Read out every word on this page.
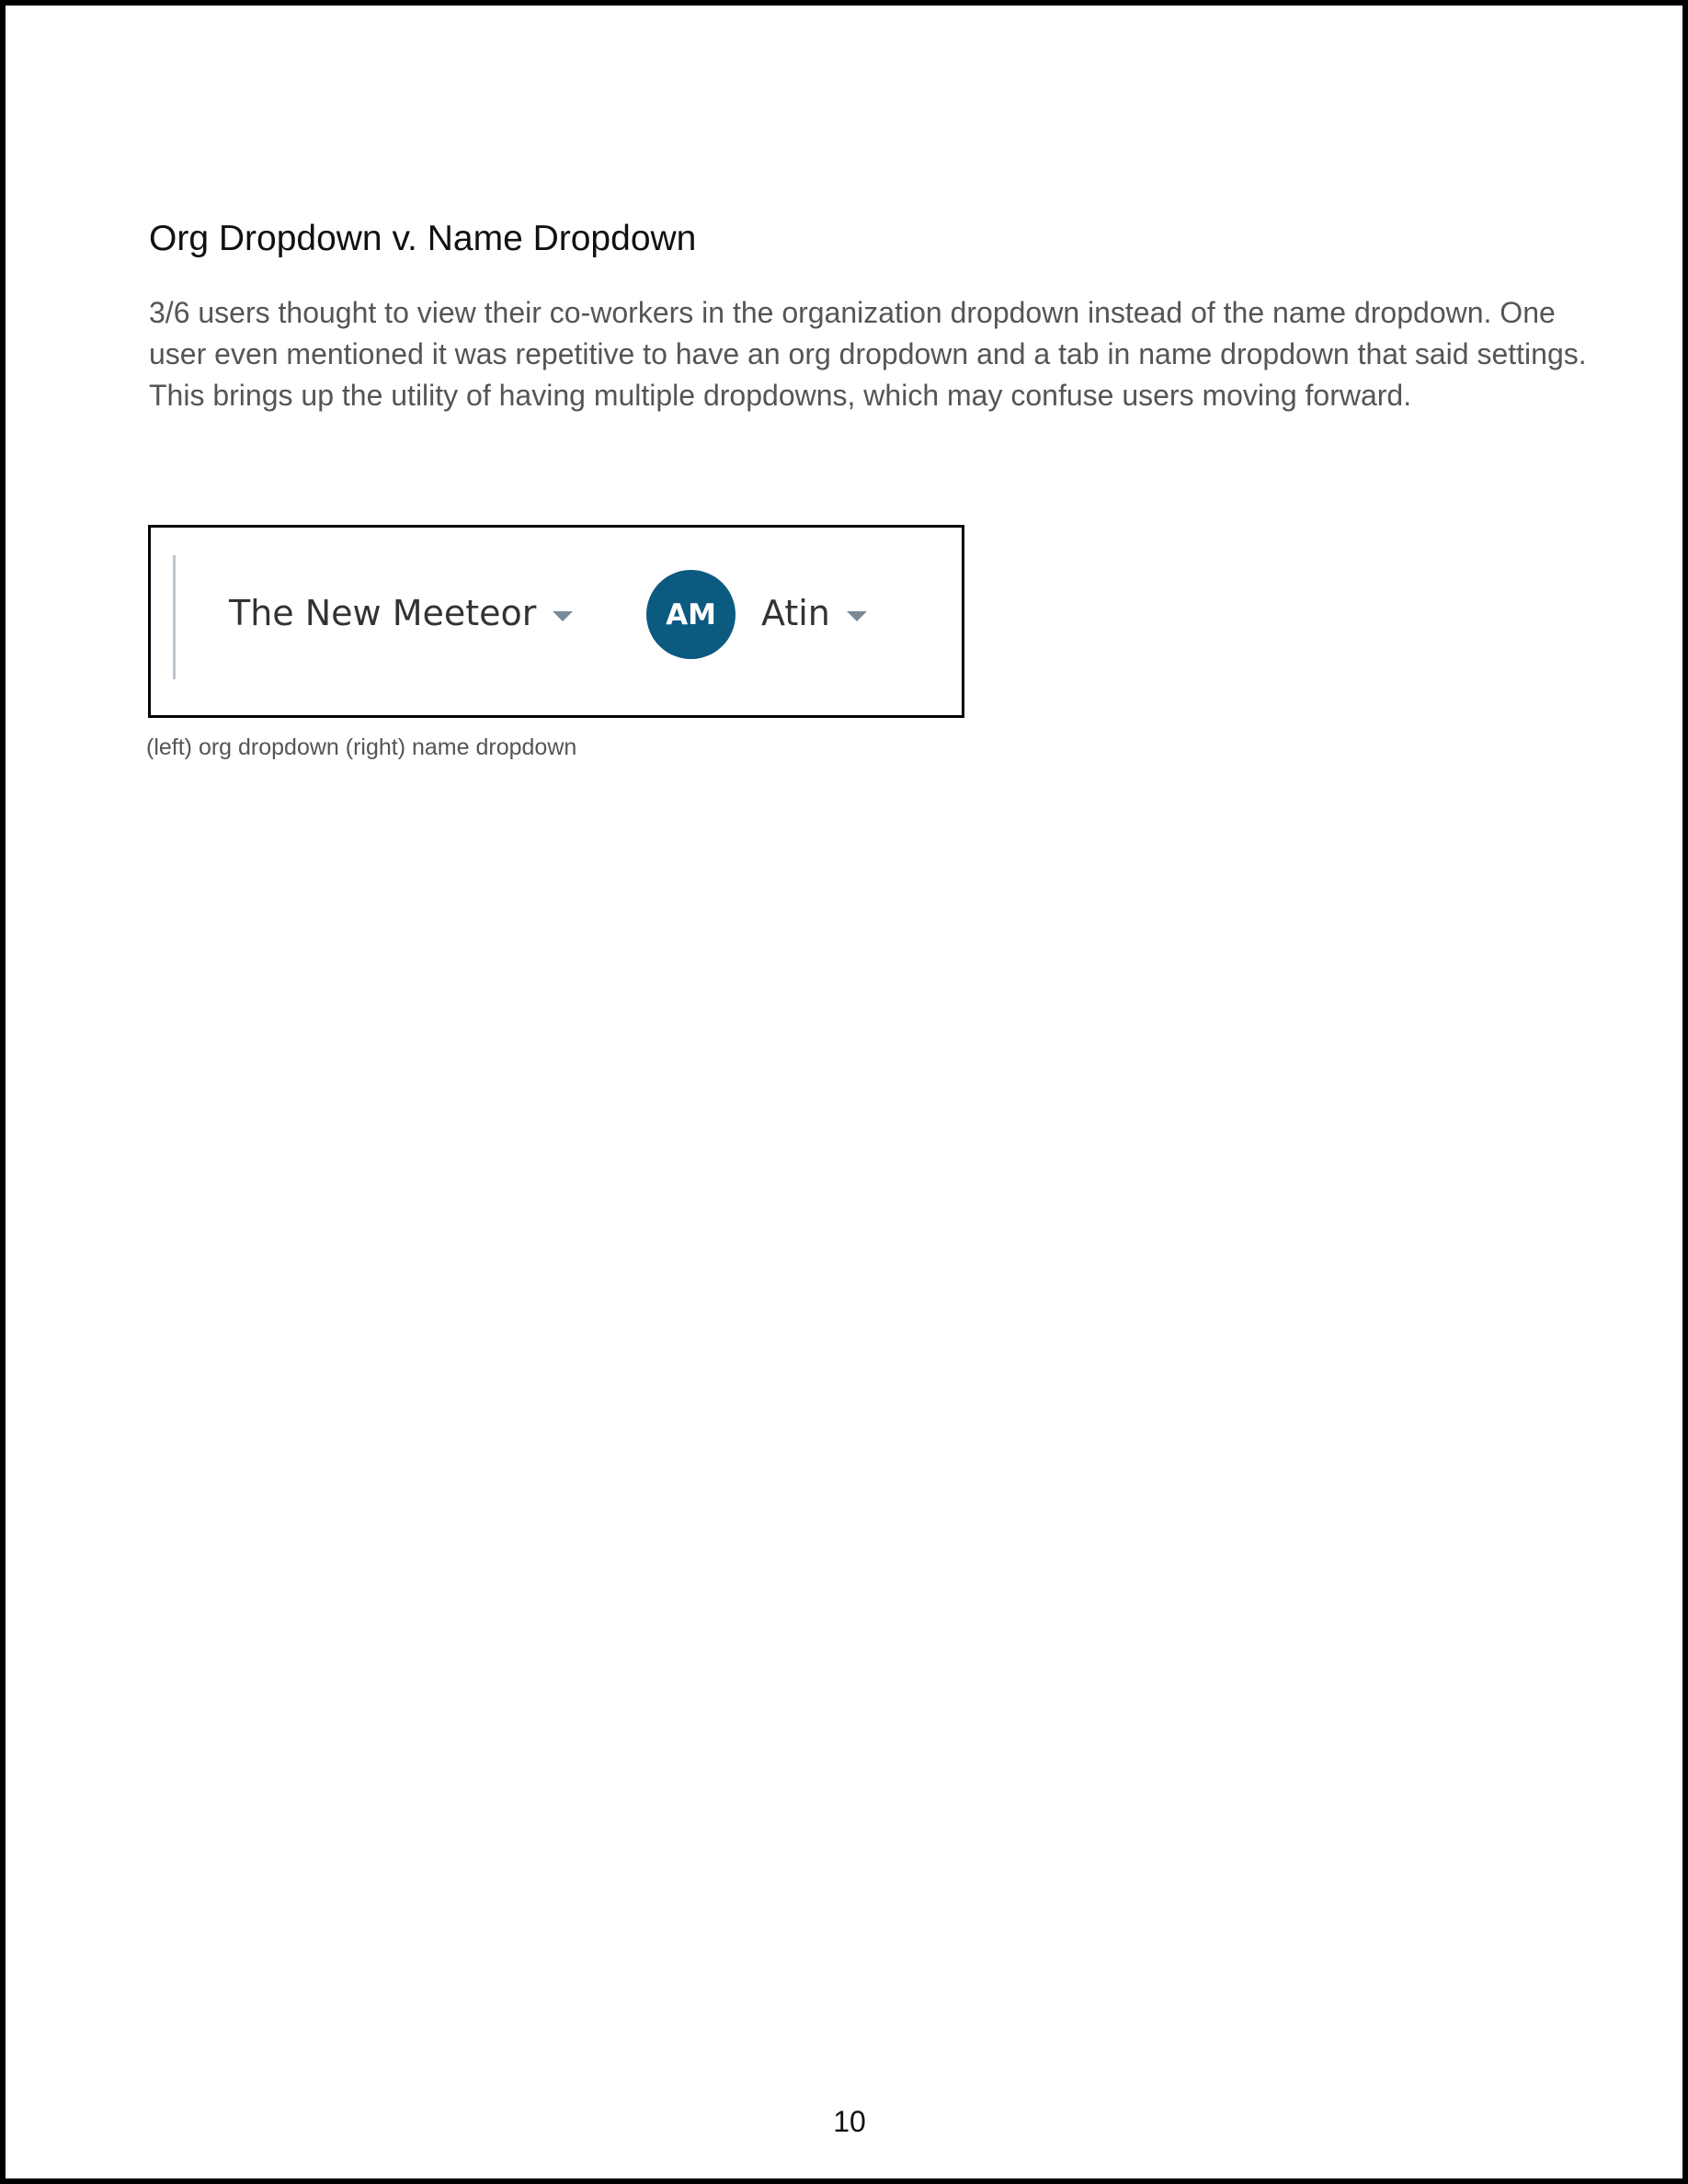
Org Dropdown v. Name Dropdown

3/6 users thought to view their co-workers in the organization dropdown instead of the name dropdown. One user even mentioned it was repetitive to have an org dropdown and a tab in name dropdown that said settings. This brings up the utility of having multiple dropdowns, which may confuse users moving forward.

The New Meeteor	AM Atin

(left) org dropdown (right) name dropdown

10
